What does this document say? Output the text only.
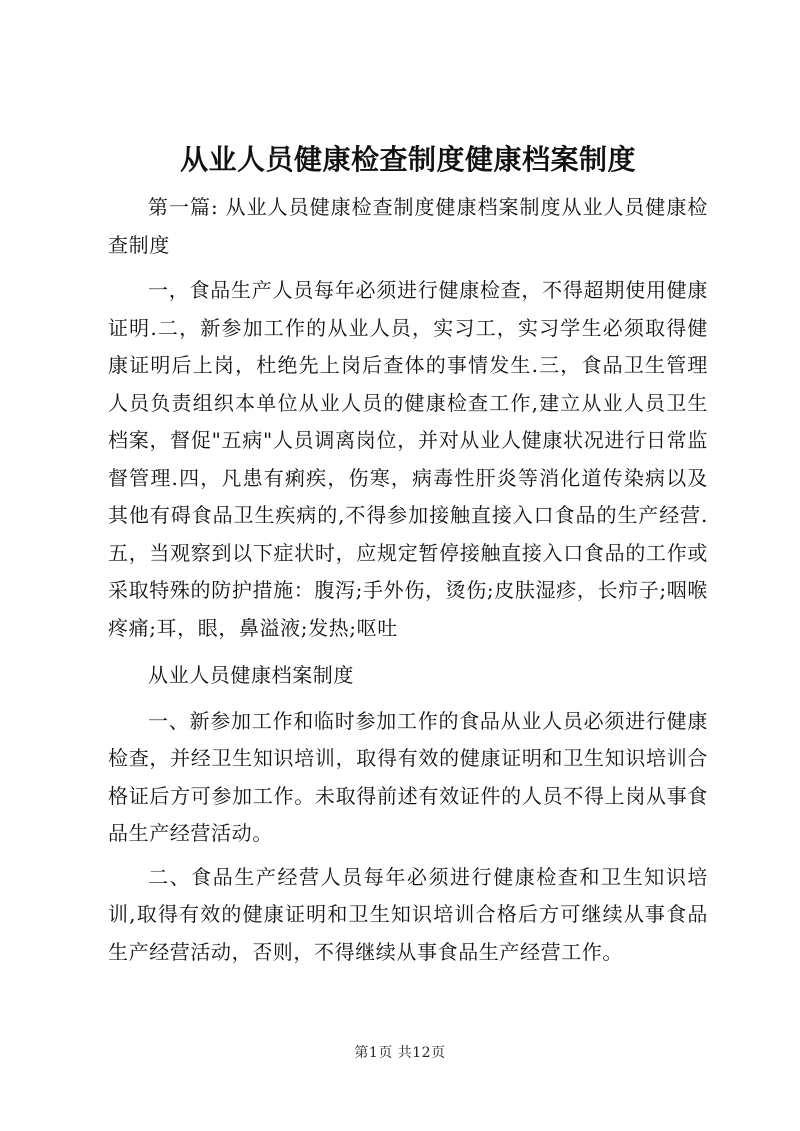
从业人员健康检查制度健康档案制度

第一篇: 从业人员健康检查制度健康档案制度从业人员健康检查制度

一，食品生产人员每年必须进行健康检查，不得超期使用健康证明.二，新参加工作的从业人员，实习工，实习学生必须取得健康证明后上岗，杜绝先上岗后查体的事情发生.三，食品卫生管理人员负责组织本单位从业人员的健康检查工作,建立从业人员卫生档案，督促"五病"人员调离岗位，并对从业人健康状况进行日常监督管理.四，凡患有痢疾，伤寒，病毒性肝炎等消化道传染病以及其他有碍食品卫生疾病的,不得参加接触直接入口食品的生产经营.五，当观察到以下症状时，应规定暂停接触直接入口食品的工作或采取特殊的防护措施：腹泻;手外伤，烫伤;皮肤湿疹，长疖子;咽喉疼痛;耳，眼，鼻溢液;发热;呕吐

从业人员健康档案制度

一、新参加工作和临时参加工作的食品从业人员必须进行健康检查，并经卫生知识培训，取得有效的健康证明和卫生知识培训合格证后方可参加工作。未取得前述有效证件的人员不得上岗从事食品生产经营活动。

二、食品生产经营人员每年必须进行健康检查和卫生知识培训,取得有效的健康证明和卫生知识培训合格后方可继续从事食品生产经营活动，否则，不得继续从事食品生产经营工作。

第1页 共12页
